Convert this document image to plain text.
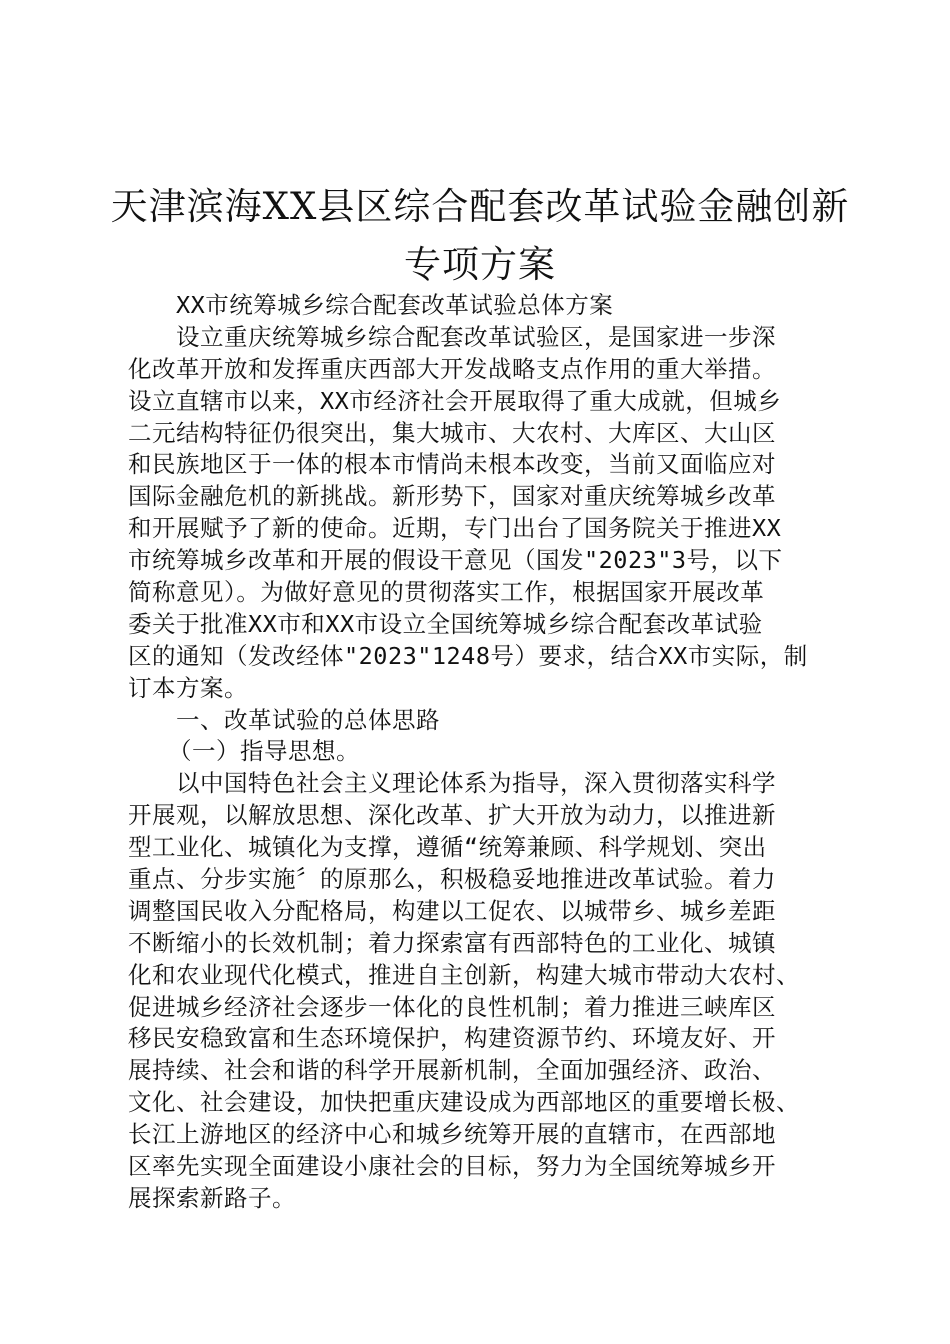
天津滨海XX县区综合配套改革试验金融创新
专项方案
XX市统筹城乡综合配套改革试验总体方案
设立重庆统筹城乡综合配套改革试验区，是国家进一步深
化改革开放和发挥重庆西部大开发战略支点作用的重大举措。
设立直辖市以来，XX市经济社会开展取得了重大成就，但城乡
二元结构特征仍很突出，集大城市、大农村、大库区、大山区
和民族地区于一体的根本市情尚未根本改变，当前又面临应对
国际金融危机的新挑战。新形势下，国家对重庆统筹城乡改革
和开展赋予了新的使命。近期，专门出台了国务院关于推进XX
市统筹城乡改革和开展的假设干意见（国发"2023"3号，以下
简称意见）。为做好意见的贯彻落实工作，根据国家开展改革
委关于批准XX市和XX市设立全国统筹城乡综合配套改革试验
区的通知（发改经体"2023"1248号）要求，结合XX市实际，制
订本方案。
一、改革试验的总体思路
（一）指导思想。
以中国特色社会主义理论体系为指导，深入贯彻落实科学
开展观，以解放思想、深化改革、扩大开放为动力，以推进新
型工业化、城镇化为支撑，遵循“统筹兼顾、科学规划、突出
重点、分步实施〞的原那么，积极稳妥地推进改革试验。着力
调整国民收入分配格局，构建以工促农、以城带乡、城乡差距
不断缩小的长效机制；着力探索富有西部特色的工业化、城镇
化和农业现代化模式，推进自主创新，构建大城市带动大农村、
促进城乡经济社会逐步一体化的良性机制；着力推进三峡库区
移民安稳致富和生态环境保护，构建资源节约、环境友好、开
展持续、社会和谐的科学开展新机制，全面加强经济、政治、
文化、社会建设，加快把重庆建设成为西部地区的重要增长极、
长江上游地区的经济中心和城乡统筹开展的直辖市，在西部地
区率先实现全面建设小康社会的目标，努力为全国统筹城乡开
展探索新路子。
